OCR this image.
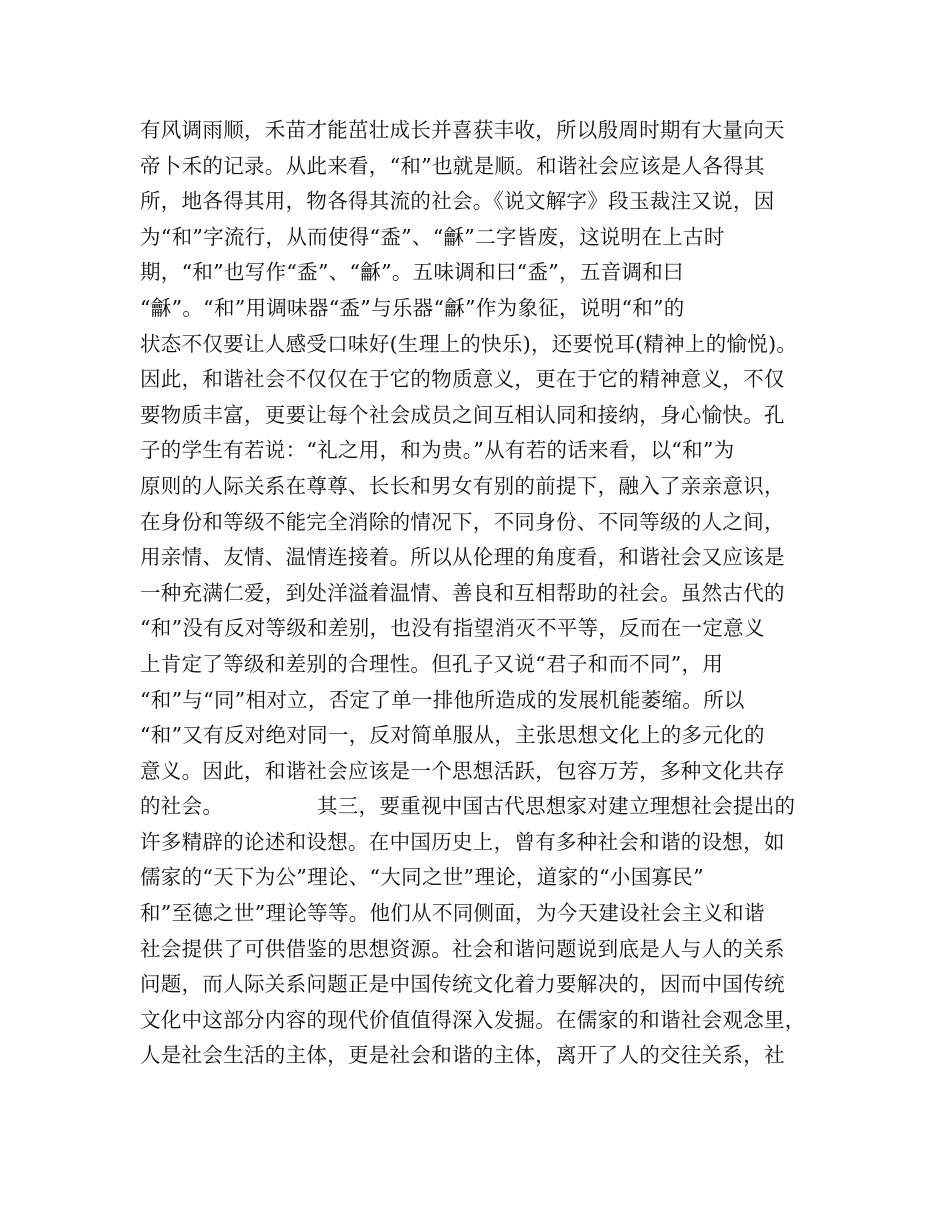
有风调雨顺，禾苗才能茁壮成长并喜获丰收，所以殷周时期有大量向天
帝卜禾的记录。从此来看，“和”也就是顺。和谐社会应该是人各得其
所，地各得其用，物各得其流的社会。《说文解字》段玉裁注又说，因
为“和”字流行，从而使得“盉”、“龢”二字皆废，这说明在上古时
期，“和”也写作“盉”、“龢”。五味调和曰“盉”，五音调和曰
“龢”。“和”用调味器“盉”与乐器“龢”作为象征，说明“和”的
状态不仅要让人感受口味好(生理上的快乐)，还要悦耳(精神上的愉悦)。
因此，和谐社会不仅仅在于它的物质意义，更在于它的精神意义，不仅
要物质丰富，更要让每个社会成员之间互相认同和接纳，身心愉快。孔
子的学生有若说：“礼之用，和为贵。”从有若的话来看，以“和”为
原则的人际关系在尊尊、长长和男女有别的前提下，融入了亲亲意识，
在身份和等级不能完全消除的情况下，不同身份、不同等级的人之间，
用亲情、友情、温情连接着。所以从伦理的角度看，和谐社会又应该是
一种充满仁爱，到处洋溢着温情、善良和互相帮助的社会。虽然古代的
“和”没有反对等级和差别，也没有指望消灭不平等，反而在一定意义
上肯定了等级和差别的合理性。但孔子又说“君子和而不同”，用
“和”与“同”相对立，否定了单一排他所造成的发展机能萎缩。所以
“和”又有反对绝对同一，反对简单服从，主张思想文化上的多元化的
意义。因此，和谐社会应该是一个思想活跃，包容万芳，多种文化共存
的社会。　　　　　其三，要重视中国古代思想家对建立理想社会提出的
许多精辟的论述和设想。在中国历史上，曾有多种社会和谐的设想，如
儒家的“天下为公”理论、“大同之世”理论，道家的“小国寡民”
和”至德之世”理论等等。他们从不同侧面，为今天建设社会主义和谐
社会提供了可供借鉴的思想资源。社会和谐问题说到底是人与人的关系
问题，而人际关系问题正是中国传统文化着力要解决的，因而中国传统
文化中这部分内容的现代价值值得深入发掘。在儒家的和谐社会观念里，
人是社会生活的主体，更是社会和谐的主体，离开了人的交往关系，社
